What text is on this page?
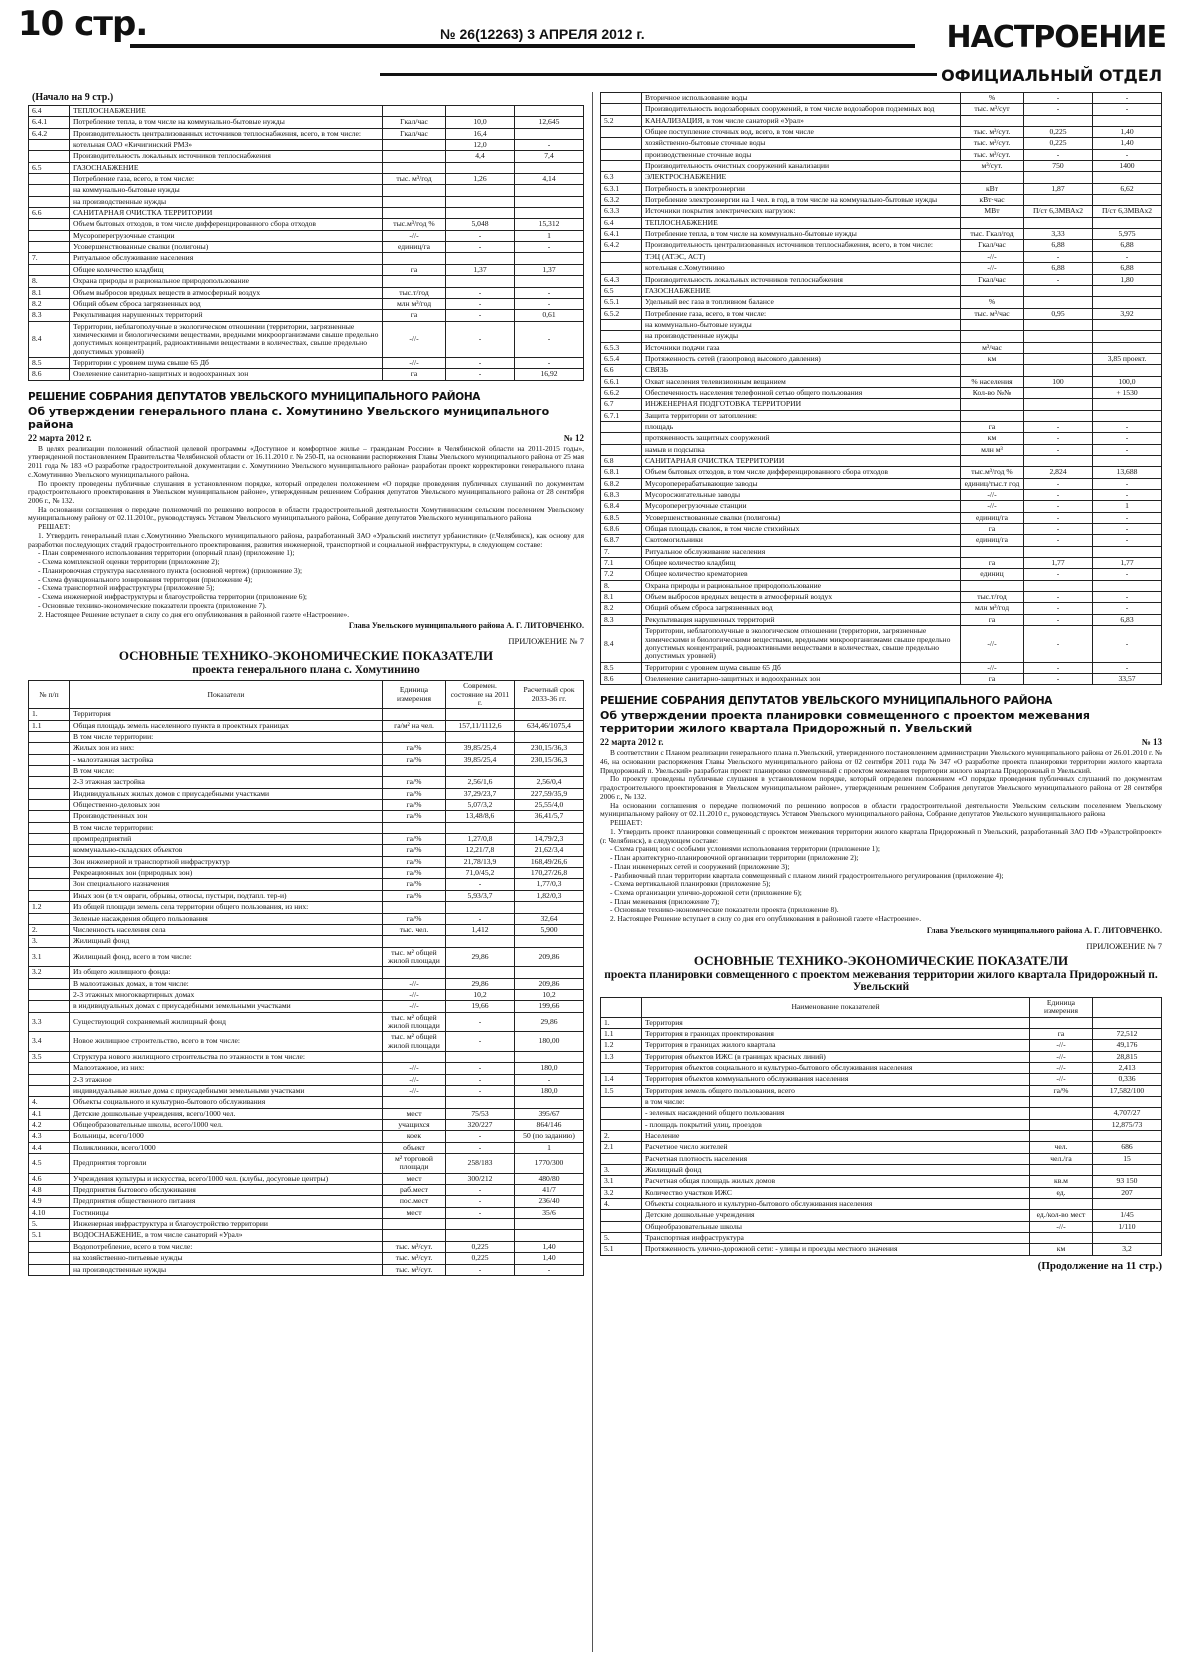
10 стр.	№ 26(12263) 3 АПРЕЛЯ 2012 г.	НАСТРОЕНИЕ
ОФИЦИАЛЬНЫЙ ОТДЕЛ
(Начало на 9 стр.)
6.4	ТЕПЛОСНАБЖЕНИЕ			
6.4.1	Потребление тепла, в том числе на коммунально-бытовые нужды	Гкал/час	10,0	12,645
6.4.2	Производительность централизованных источников теплоснабжения, всего, в том числе:	Гкал/час	16,4	
	котельная ОАО «Кичигинский РМЗ»		12,0	-
	Производительность локальных источников теплоснабжения		4,4	7,4
6.5	ГАЗОСНАБЖЕНИЕ			
	Потребление газа, всего, в том числе:	тыс. м³/год	1,26	4,14
	на коммунально-бытовые нужды			
	на производственные нужды			
6.6	САНИТАРНАЯ ОЧИСТКА ТЕРРИТОРИИ			
	Объем бытовых отходов, в том числе дифференцированного сбора отходов	тыс.м³/год %	5,048	15,312
	Мусороперегрузочные станции	-//-	-	1
	Усовершенствованные свалки (полигоны)	единиц/га	-	-
7.	Ритуальное обслуживание населения			
	Общее количество кладбищ	га	1,37	1,37
8.	Охрана природы и рациональное природопользование			
8.1	Объем выбросов вредных веществ в атмосферный воздух	тыс.т/год	-	-
8.2	Общий объем сброса загрязненных вод	млн м³/год	-	-
8.3	Рекультивация нарушенных территорий	га	-	0,61
8.4	Территории, неблагополучные в экологическом отношении (территории, загрязненные химическими и биологическими веществами, вредными микроорганизмами свыше предельно допустимых концентраций, радиоактивными веществами в количествах, свыше предельно допустимых уровней)	-//-	-	-
8.5	Территории с уровнем шума свыше 65 Дб	-//-	-	-
8.6	Озеленение санитарно-защитных и водоохранных зон	га	-	16,92
РЕШЕНИЕ СОБРАНИЯ ДЕПУТАТОВ УВЕЛЬСКОГО МУНИЦИПАЛЬНОГО РАЙОНА
Об утверждении генерального плана с. Хомутинино Увельского муниципального района
22 марта 2012 г.	№ 12

В целях реализации положений областной целевой программы «Доступное и комфортное жилье – гражданам России» в Челябинской области на 2011-2015 годы», утвержденной постановлением Правительства Челябинской области от 16.11.2010 г. № 250-П, на основании распоряжения Главы Увельского муниципального района от 25 мая 2011 года № 183 «О разработке градостроительной документации с. Хомутинино Увельского муниципального района» разработан проект корректировки генерального плана с.Хомутинино Увельского муниципального района.

По проекту проведены публичные слушания в установленном порядке, который определен положением «О порядке проведения публичных слушаний по документам градостроительного проектирования в Увельском муниципальном районе», утвержденным решением Собрания депутатов Увельского муниципального района от 28 сентября 2006 г., № 132.

На основании соглашения о передаче полномочий по решению вопросов в области градостроительной деятельности Хомутининским сельским поселением Увельскому муниципальному району от 02.11.2010г., руководствуясь Уставом Увельского муниципального района, Собрание депутатов Увельского муниципального района

РЕШАЕТ:

1. Утвердить генеральный план с.Хомутинино Увельского муниципального района, разработанный ЗАО «Уральский институт урбанистики» (г.Челябинск), как основу для разработки последующих стадий градостроительного проектирования, развития инженерной, транспортной и социальной инфраструктуры, в следующем составе:

- План современного использования территории (опорный план) (приложение 1);

- Схема комплексной оценки территории (приложение 2);

- Планировочная структура населенного пункта (основной чертеж) (приложение 3);

- Схема функционального зонирования территории (приложение 4);

- Схема транспортной инфраструктуры (приложение 5);

- Схема инженерной инфраструктуры и благоустройства территории (приложение 6);

- Основные технико-экономические показатели проекта (приложение 7).

2. Настоящее Решение вступает в силу со дня его опубликования в районной газете «Настроение».

Глава Увельского муниципального района А. Г. ЛИТОВЧЕНКО.
ПРИЛОЖЕНИЕ № 7
ОСНОВНЫЕ ТЕХНИКО-ЭКОНОМИЧЕСКИЕ ПОКАЗАТЕЛИ
проекта генерального плана с. Хомутинино
№ п/п	Показатели	Единица измерения	Современ. состояние на 2011 г.	Расчетный срок 2033-36 гг.
1.	Территория			
1.1	Общая площадь земель населенного пункта в проектных границах	га/м² на чел.	157,11/1112,6	634,46/1075,4
	В том числе территории:			
	Жилых зон из них:	га/%	39,85/25,4	230,15/36,3
	- малоэтажная застройка	га/%	39,85/25,4	230,15/36,3
	В том числе:			
	2-3 этажная застройка	га/%	2,56/1,6	2,56/0,4
	Индивидуальных жилых домов с приусадебными участками	га/%	37,29/23,7	227,59/35,9
	Общественно-деловых зон	га/%	5,07/3,2	25,55/4,0
	Производственных зон	га/%	13,48/8,6	36,41/5,7
	В том числе территории:			
	промпредприятий	га/%	1,27/0,8	14,79/2,3
	коммунально-складских объектов	га/%	12,21/7,8	21,62/3,4
	Зон инженерной и транспортной инфраструктур	га/%	21,78/13,9	168,49/26,6
	Рекреационных зон (природных зон)	га/%	71,0/45,2	170,27/26,8
	Зон специального назначения	га/%	-	1,77/0,3
	Иных зон (в т.ч овраги, обрывы, отвосы, пустыри, подтапл. тер-и)	га/%	5,93/3,7	1,82/0,3
1.2	Из общей площади земель села территории общего пользования, из них:			
	Зеленые насаждения общего пользования	га/%	-	32,64
2.	Численность населения села	тыс. чел.	1,412	5,900
3.	Жилищный фонд			
3.1	Жилищный фонд, всего в том числе:	тыс. м² общей жилой площади	29,86	209,86
3.2	Из общего жилищного фонда:			
	В малоэтажных домах, в том числе:	-//-	29,86	209,86
	2-3 этажных многоквартирных домах	-//-	10,2	10,2
	в индивидуальных домах с приусадебными земельными участками	-//-	19,66	199,66
3.3	Существующий сохраняемый жилищный фонд	тыс. м² общей жилой площади	-	29,86
3.4	Новое жилищное строительство, всего в том числе:	тыс. м² общей жилой площади	-	180,00
3.5	Структура нового жилищного строительства по этажности в том числе:			
	Малоэтажное, из них:	-//-	-	180,0
	2-3 этажное	-//-	-	-
	индивидуальные жилые дома с приусадебными земельными участками	-//-	-	180,0
4.	Объекты социального и культурно-бытового обслуживания			
4.1	Детские дошкольные учреждения, всего/1000 чел.	мест	75/53	395/67
4.2	Общеобразовательные школы, всего/1000 чел.	учащихся	320/227	864/146
4.3	Больницы, всего/1000	коек	-	50 (по заданию)
4.4	Поликлиники, всего/1000	объект	-	1
4.5	Предприятия торговли	м² торговой площади	258/183	1770/300
4.6	Учреждения культуры и искусства, всего/1000 чел. (клубы, досуговые центры)	мест	300/212	480/80
4.8	Предприятия бытового обслуживания	раб.мест	-	41/7
4.9	Предприятия общественного питания	пос.мест	-	236/40
4.10	Гостиницы	мест	-	35/6
5.	Инженерная инфраструктура и благоустройство территории			
5.1	ВОДОСНАБЖЕНИЕ, в том числе санаторий «Урал»			
	Водопотребление, всего в том числе:	тыс. м³/сут.	0,225	1,40
	на хозяйственно-питьевые нужды	тыс. м³/сут.	0,225	1,40
	на производственные нужды	тыс. м³/сут.	-	-
	Вторичное использование воды	%	-	-
	Производительность водозаборных сооружений, в том числе водозаборов подземных вод	тыс. м³/сут	-	-
5.2	КАНАЛИЗАЦИЯ, в том числе санаторий «Урал»			
	Общее поступление сточных вод, всего, в том числе	тыс. м³/сут.	0,225	1,40
	хозяйственно-бытовые сточные воды	тыс. м³/сут.	0,225	1,40
	производственные сточные воды	тыс. м³/сут.	-	-
	Производительность очистных сооружений канализации	м³/сут.	750	1400
6.3	ЭЛЕКТРОСНАБЖЕНИЕ			
6.3.1	Потребность в электроэнергии	кВт	1,87	6,62
6.3.2	Потребление электроэнергии на 1 чел. в год, в том числе на коммунально-бытовые нужды	кВт·час		
6.3.3	Источники покрытия электрических нагрузок:	МВт	П/ст 6,3МВАх2	П/ст 6,3МВАх2
6.4	ТЕПЛОСНАБЖЕНИЕ			
6.4.1	Потребление тепла, в том числе на коммунально-бытовые нужды	тыс. Гкал/год	3,33	5,975
6.4.2	Производительность централизованных источников теплоснабжения, всего, в том числе:	Гкал/час	6,88	6,88
	ТЭЦ (АТЭС, АСТ)	-//-	-	-
	котельная с.Хомутинино	-//-	6,88	6,88
6.4.3	Производительность локальных источников теплоснабжения	Гкал/час	-	1,80
6.5	ГАЗОСНАБЖЕНИЕ			
6.5.1	Удельный вес газа в топливном балансе	%		
6.5.2	Потребление газа, всего, в том числе:	тыс. м³/час	0,95	3,92
	на коммунально-бытовые нужды			
	на производственные нужды			
6.5.3	Источники подачи газа	м³/час		
6.5.4	Протяженность сетей (газопровод высокого давления)	км		3,85 проект.
6.6	СВЯЗЬ			
6.6.1	Охват населения телевизионным вещанием	% населения	100	100,0
6.6.2	Обеспеченность населения телефонной сетью общего пользования	Кол-во №№		+ 1530
6.7	ИНЖЕНЕРНАЯ ПОДГОТОВКА ТЕРРИТОРИИ			
6.7.1	Защита территории от затопления:			
	площадь	га	-	-
	протяженность защитных сооружений	км	-	-
	намыв и подсыпка	млн м³	-	-
6.8	САНИТАРНАЯ ОЧИСТКА ТЕРРИТОРИИ			
6.8.1	Объем бытовых отходов, в том числе дифференцированного сбора отходов	тыс.м³/год %	2,824	13,688
6.8.2	Мусороперерабатывающие заводы	единиц/тыс.т год	-	-
6.8.3	Мусоросжигательные заводы	-//-	-	-
6.8.4	Мусороперегрузочные станции	-//-	-	1
6.8.5	Усовершенствованные свалки (полигоны)	единиц/га	-	-
6.8.6	Общая площадь свалок, в том числе стихийных	га	-	-
6.8.7	Скотомогильники	единиц/га	-	-
7.	Ритуальное обслуживание населения			
7.1	Общее количество кладбищ	га	1,77	1,77
7.2	Общее количество крематориев	единиц	-	-
8.	Охрана природы и рациональное природопользование			
8.1	Объем выбросов вредных веществ в атмосферный воздух	тыс.т/год	-	-
8.2	Общий объем сброса загрязненных вод	млн м³/год	-	-
8.3	Рекультивация нарушенных территорий	га	-	6,83
8.4	Территории, неблагополучные в экологическом отношении (территории, загрязненные химическими и биологическими веществами, вредными микроорганизмами свыше предельно допустимых концентраций, радиоактивными веществами в количествах, свыше предельно допустимых уровней)	-//-	-	-
8.5	Территории с уровнем шума свыше 65 Дб	-//-	-	-
8.6	Озеленение санитарно-защитных и водоохранных зон	га	-	33,57
РЕШЕНИЕ СОБРАНИЯ ДЕПУТАТОВ УВЕЛЬСКОГО МУНИЦИПАЛЬНОГО РАЙОНА
Об утверждении проекта планировки совмещенного с проектом межевания территории жилого квартала Придорожный п. Увельский
22 марта 2012 г.	№ 13

В соответствии с Планом реализации генерального плана п.Увельский, утвержденного постановлением администрации Увельского муниципального района от 26.01.2010 г. № 46, на основании распоряжения Главы Увельского муниципального района от 02 сентября 2011 года № 347 «О разработке проекта планировки территории жилого квартала Придорожный п. Увельский» разработан проект планировки совмещенный с проектом межевания территории жилого квартала Придорожный п Увельский.

По проекту проведены публичные слушания в установленном порядке, который определен положением «О порядке проведения публичных слушаний по документам градостроительного проектирования в Увельском муниципальном районе», утвержденным решением Собрания депутатов Увельского муниципального района от 28 сентября 2006 г., № 132.

На основании соглашения о передаче полномочий по решению вопросов в области градостроительной деятельности Увельским сельским поселением Увельскому муниципальному району от 02.11.2010 г., руководствуясь Уставом Увельского муниципального района, Собрание депутатов Увельского муниципального района

РЕШАЕТ:

1. Утвердить проект планировки совмещенный с проектом межевания территории жилого квартала Придорожный п Увельский, разработанный ЗАО ПФ «Уралстройпроект» (г. Челябинск), в следующем составе:

- Схема границ зон с особыми условиями использования территории (приложение 1);

- План архитектурно-планировочной организации территории (приложение 2);

- План инженерных сетей и сооружений (приложение 3);

- Разбивочный план территории квартала совмещенный с планом линий градостроительного регулирования (приложение 4);

- Схема вертикальной планировки (приложение 5);

- Схема организации улично-дорожной сети (приложение 6);

- План межевания (приложение 7);

- Основные технико-экономические показатели проекта (приложение 8).

2. Настоящее Решение вступает в силу со дня его опубликования в районной газете «Настроение».

Глава Увельского муниципального района А. Г. ЛИТОВЧЕНКО.
ПРИЛОЖЕНИЕ № 7
ОСНОВНЫЕ ТЕХНИКО-ЭКОНОМИЧЕСКИЕ ПОКАЗАТЕЛИ
проекта планировки совмещенного с проектом межевания территории жилого квартала Придорожный п. Увельский
	Наименование показателей	Единица измерения	
1.	Территория		
1.1	Территория в границах проектирования	га	72,512
1.2	Территория в границах жилого квартала	-//-	49,176
1.3	Территория объектов ИЖС (в границах красных линий)	-//-	28,815
	Территория объектов социального и культурно-бытового обслуживания населения	-//-	2,413
1.4	Территория объектов коммунального обслуживания населения	-//-	0,336
1.5	Территория земель общего пользования, всего	га/%	17,582/100
	в том числе:		
	- зеленых насаждений общего пользования		4,707/27
	- площадь покрытий улиц, проездов		12,875/73
2.	Население		
2.1	Расчетное число жителей	чел.	686
	Расчетная плотность населения	чел./га	15
3.	Жилищный фонд		
3.1	Расчетная общая площадь жилых домов	кв.м	93 150
3.2	Количество участков ИЖС	ед.	207
4.	Объекты социального и культурно-бытового обслуживания населения		
	Детские дошкольные учреждения	ед./кол-во мест	1/45
	Общеобразовательные школы	-//-	1/110
5.	Транспортная инфраструктура		
5.1	Протяженность улично-дорожной сети: - улицы и проезды местного значения	км	3,2
(Продолжение на 11 стр.)
